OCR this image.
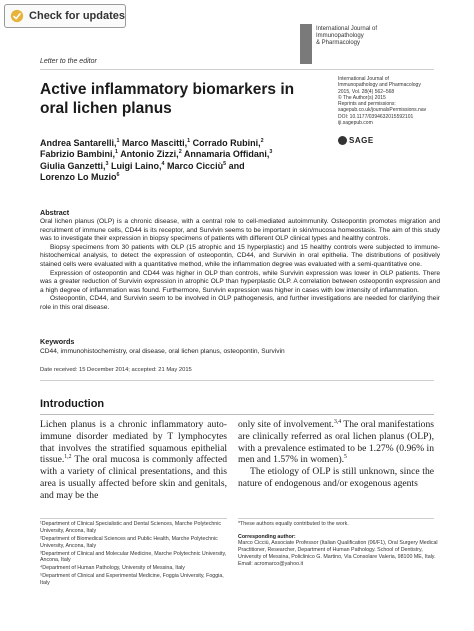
Check for updates
International Journal of
Immunopathology
& Pharmacology
Letter to the editor
Active inflammatory biomarkers in
oral lichen planus
International Journal of
Immunopathology and Pharmacology
2015, Vol. 28(4) 562–568
© The Author(s) 2015
Reprints and permissions:
sagepub.co.uk/journalsPermissions.nav
DOI: 10.1177/0394632015592101
iji.sagepub.com
SAGE
Andrea Santarelli,$^1$ Marco Mascitti,$^1$ Corrado Rubini,$^2$
Fabrizio Bambini,$^1$ Antonio Zizzi,$^2$ Annamaria Offidani,$^3$
Giulia Ganzetti,$^3$ Luigi Laino,$^4$ Marco Cicciù$^5$ and
Lorenzo Lo Muzio$^6$
Abstract

Oral lichen planus (OLP) is a chronic disease, with a central role to cell-mediated autoimmunity. Osteopontin promotes migration and recruitment of immune cells, CD44 is its receptor, and Survivin seems to be important in skin/mucosa homeostasis. The aim of this study was to investigate their expression in biopsy specimens of patients with different OLP clinical types and healthy controls.

Biopsy specimens from 30 patients with OLP (15 atrophic and 15 hyperplastic) and 15 healthy controls were subjected to immune-histochemical analysis, to detect the expression of osteopontin, CD44, and Survivin in oral epithelia. The distributions of positively stained cells were evaluated with a quantitative method, while the inflammation degree was evaluated with a semi-quantitative one.

Expression of osteopontin and CD44 was higher in OLP than controls, while Survivin expression was lower in OLP patients. There was a greater reduction of Survivin expression in atrophic OLP than hyperplastic OLP. A correlation between osteopontin expression and a high degree of inflammation was found. Furthermore, Survivin expression was higher in cases with low intensity of inflammation.

Osteopontin, CD44, and Survivin seem to be involved in OLP pathogenesis, and further investigations are needed for clarifying their role in this oral disease.

Keywords
CD44, immunohistochemistry, oral disease, oral lichen planus, osteopontin, Survivin
Date received: 15 December 2014; accepted: 21 May 2015
Introduction

Lichen planus is a chronic inflammatory auto-immune disorder mediated by T lymphocytes that involves the stratified squamous epithelial tissue.$^{1,2}$ The oral mucosa is commonly affected with a variety of clinical presentations, and this area is usually affected before skin and genitals, and may be the

only site of involvement.$^{3,4}$ The oral manifestations are clinically referred as oral lichen planus (OLP), with a prevalence estimated to be 1.27% (0.96% in men and 1.57% in women).$^5$

The etiology of OLP is still unknown, since the nature of endogenous and/or exogenous agents

¹Department of Clinical Specialistic and Dental Sciences, Marche Polytechnic University, Ancona, Italy
²Department of Biomedical Sciences and Public Health, Marche Polytechnic University, Ancona, Italy
³Department of Clinical and Molecular Medicine, Marche Polytechnic University, Ancona, Italy
⁴Department of Human Pathology, University of Messina, Italy
⁵Department of Clinical and Experimental Medicine, Foggia University, Foggia, Italy
*These authors equally contributed to the work.
Corresponding author:
Marco Cicciù, Associate Professor (Italian Qualification (06/F1), Oral Surgery Medical Practitioner, Researcher, Department of Human Pathology. School of Dentistry, University of Messina, Policlinico G. Martino, Via Consolare Valeria, 98100 ME, Italy.
Email: acromarco@yahoo.it
